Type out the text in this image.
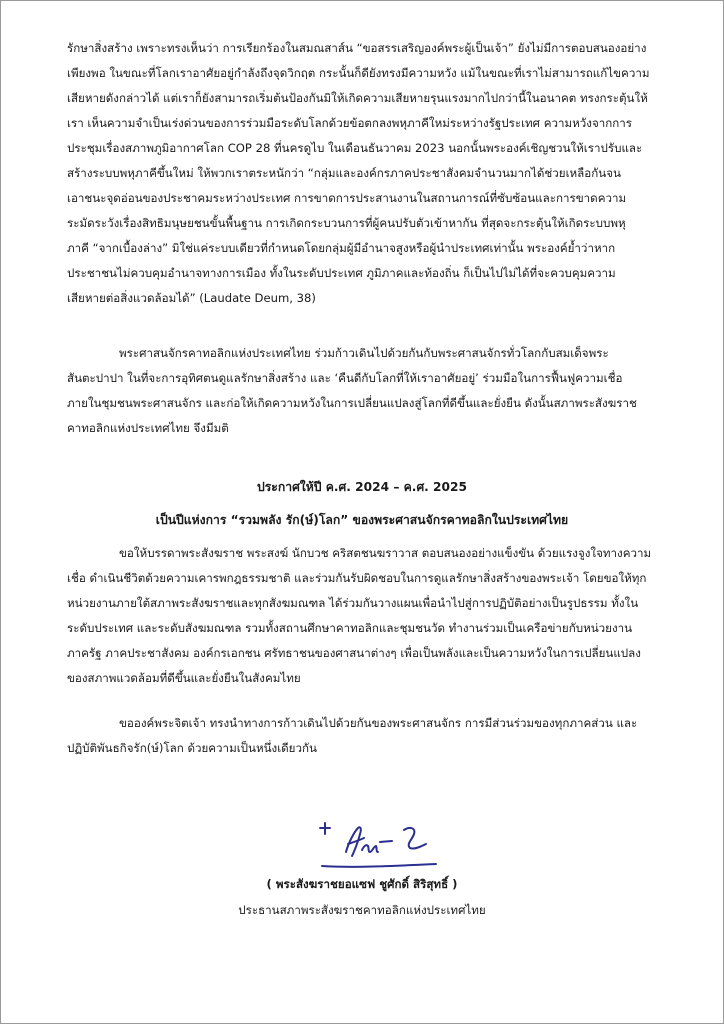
รักษาสิ่งสร้าง เพราะทรงเห็นว่า การเรียกร้องในสมณสาส์น “ขอสรรเสริญองค์พระผู้เป็นเจ้า” ยังไม่มีการตอบสนองอย่าง
เพียงพอ ในขณะที่โลกเราอาศัยอยู่กำลังถึงจุดวิกฤต กระนั้นก็ดียังทรงมีความหวัง แม้ในขณะที่เราไม่สามารถแก้ไขความ
เสียหายดังกล่าวได้ แต่เราก็ยังสามารถเริ่มต้นป้องกันมิให้เกิดความเสียหายรุนแรงมากไปกว่านี้ในอนาคต ทรงกระตุ้นให้
เรา เห็นความจำเป็นเร่งด่วนของการร่วมมือระดับโลกด้วยข้อตกลงพหุภาคีใหม่ระหว่างรัฐประเทศ ความหวังจากการ
ประชุมเรื่องสภาพภูมิอากาศโลก COP 28 ที่นครดูไบ ในเดือนธันวาคม 2023 นอกนั้นพระองค์เชิญชวนให้เราปรับและ
สร้างระบบพหุภาคีขึ้นใหม่ ให้พวกเราตระหนักว่า “กลุ่มและองค์กรภาคประชาสังคมจำนวนมากได้ช่วยเหลือกันจน
เอาชนะจุดอ่อนของประชาคมระหว่างประเทศ การขาดการประสานงานในสถานการณ์ที่ซับซ้อนและการขาดความ
ระมัดระวังเรื่องสิทธิมนุษยชนขั้นพื้นฐาน การเกิดกระบวนการที่ผู้คนปรับตัวเข้าหากัน ที่สุดจะกระตุ้นให้เกิดระบบพหุ
ภาคี “จากเบื้องล่าง” มิใช่แค่ระบบเดียวที่กำหนดโดยกลุ่มผู้มีอำนาจสูงหรือผู้นำประเทศเท่านั้น พระองค์ย้ำว่าหาก
ประชาชนไม่ควบคุมอำนาจทางการเมือง ทั้งในระดับประเทศ ภูมิภาคและท้องถิ่น ก็เป็นไปไม่ได้ที่จะควบคุมความ
เสียหายต่อสิ่งแวดล้อมได้” (Laudate Deum, 38)
พระศาสนจักรคาทอลิกแห่งประเทศไทย ร่วมก้าวเดินไปด้วยกันกับพระศาสนจักรทั่วโลกกับสมเด็จพระ
สันตะปาปา ในที่จะการอุทิศตนดูแลรักษาสิ่งสร้าง และ ‘คืนดีกับโลกที่ให้เราอาศัยอยู่’ ร่วมมือในการฟื้นฟูความเชื่อ
ภายในชุมชนพระศาสนจักร และก่อให้เกิดความหวังในการเปลี่ยนแปลงสู่โลกที่ดีขึ้นและยั่งยืน ดังนั้นสภาพระสังฆราช
คาทอลิกแห่งประเทศไทย จึงมีมติ
ประกาศให้ปี ค.ศ. 2024 – ค.ศ. 2025
เป็นปีแห่งการ “รวมพลัง รัก(ษ์)โลก” ของพระศาสนจักรคาทอลิกในประเทศไทย
ขอให้บรรดาพระสังฆราช พระสงฆ์ นักบวช คริสตชนฆราวาส ตอบสนองอย่างแข็งขัน ด้วยแรงจูงใจทางความ
เชื่อ ดำเนินชีวิตด้วยความเคารพกฎธรรมชาติ และร่วมกันรับผิดชอบในการดูแลรักษาสิ่งสร้างของพระเจ้า โดยขอให้ทุก
หน่วยงานภายใต้สภาพระสังฆราชและทุกสังฆมณฑล ได้ร่วมกันวางแผนเพื่อนำไปสู่การปฏิบัติอย่างเป็นรูปธรรม ทั้งใน
ระดับประเทศ และระดับสังฆมณฑล รวมทั้งสถานศึกษาคาทอลิกและชุมชนวัด ทำงานร่วมเป็นเครือข่ายกับหน่วยงาน
ภาครัฐ ภาคประชาสังคม องค์กรเอกชน ศรัทธาชนของศาสนาต่างๆ เพื่อเป็นพลังและเป็นความหวังในการเปลี่ยนแปลง
ของสภาพแวดล้อมที่ดีขึ้นและยั่งยืนในสังคมไทย
ขอองค์พระจิตเจ้า ทรงนำทางการก้าวเดินไปด้วยกันของพระศาสนจักร การมีส่วนร่วมของทุกภาคส่วน และ
ปฏิบัติพันธกิจรัก(ษ์)โลก ด้วยความเป็นหนึ่งเดียวกัน
( พระสังฆราชยอแซฟ ชูศักดิ์ สิริสุทธิ์ )
ประธานสภาพระสังฆราชคาทอลิกแห่งประเทศไทย
